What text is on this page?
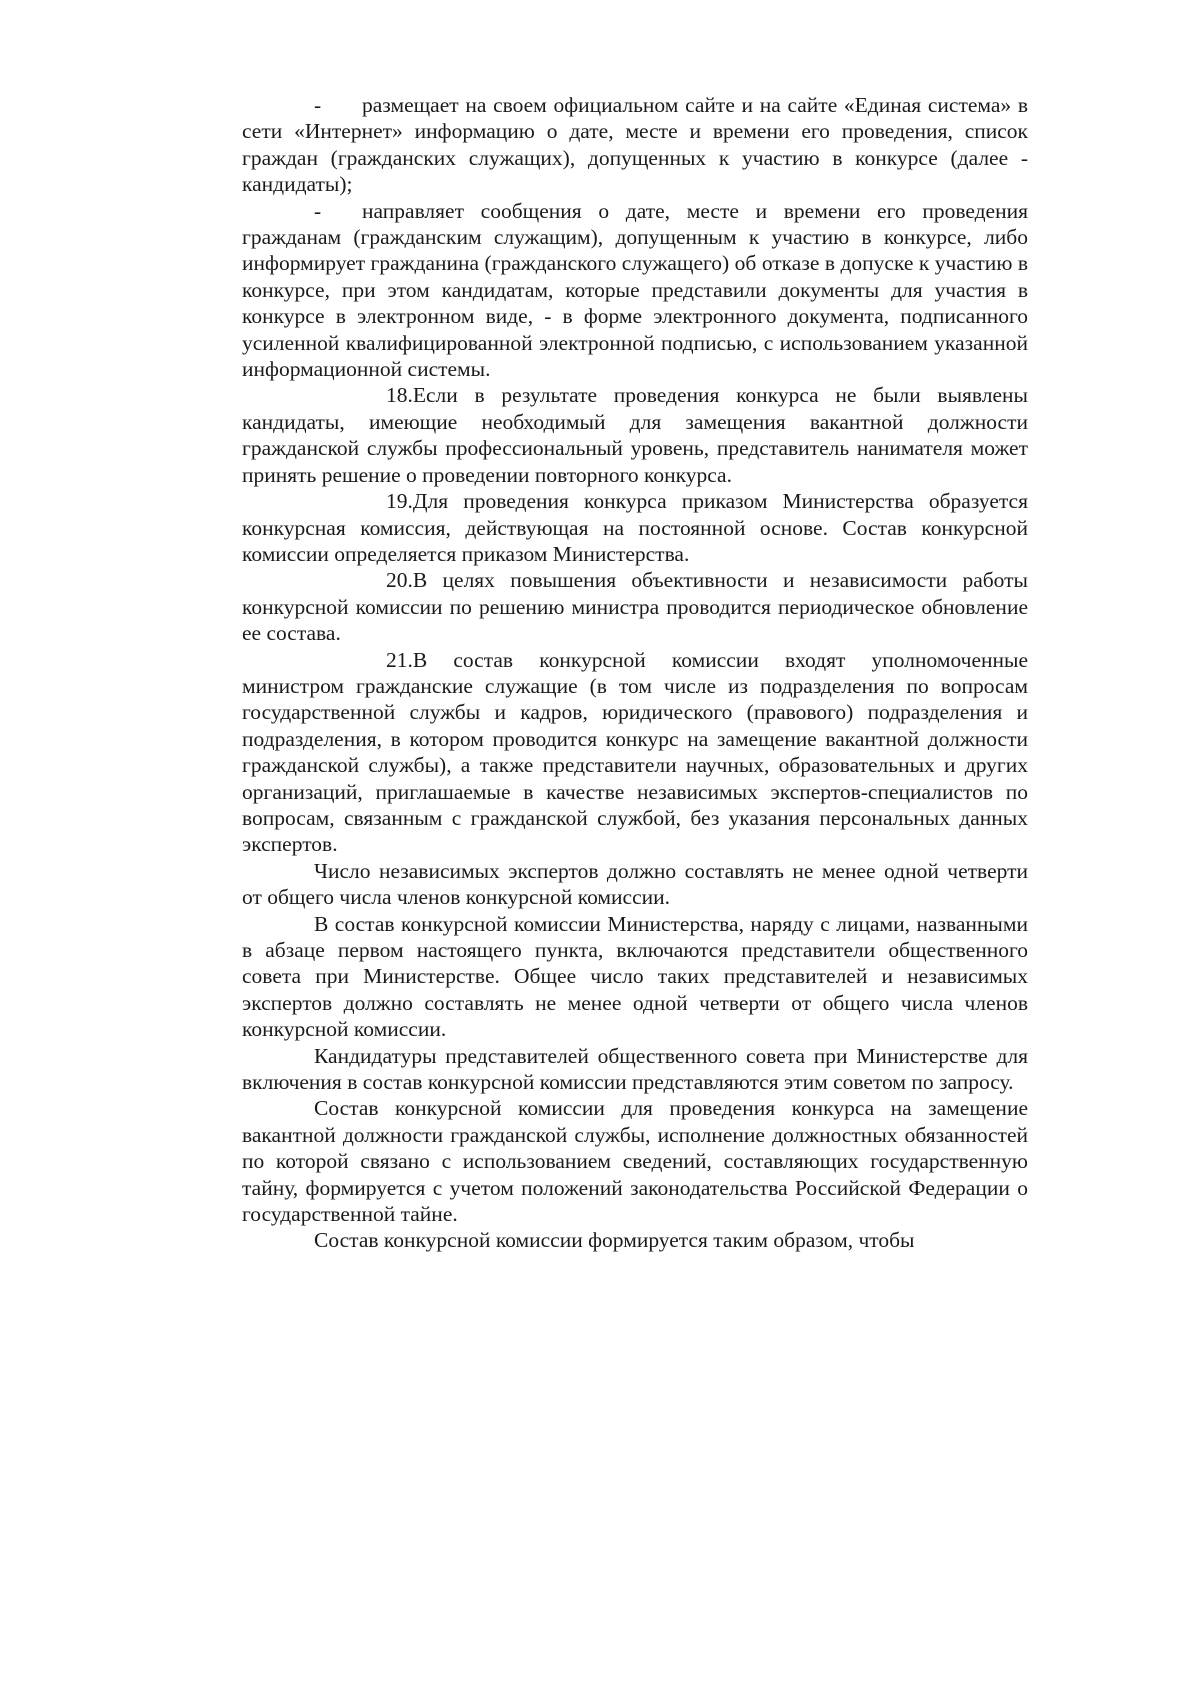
- размещает на своем официальном сайте и на сайте «Единая система» в сети «Интернет» информацию о дате, месте и времени его проведения, список граждан (гражданских служащих), допущенных к участию в конкурсе (далее - кандидаты);

- направляет сообщения о дате, месте и времени его проведения гражданам (гражданским служащим), допущенным к участию в конкурсе, либо информирует гражданина (гражданского служащего) об отказе в допуске к участию в конкурсе, при этом кандидатам, которые представили документы для участия в конкурсе в электронном виде, - в форме электронного документа, подписанного усиленной квалифицированной электронной подписью, с использованием указанной информационной системы.

18.Если в результате проведения конкурса не были выявлены кандидаты, имеющие необходимый для замещения вакантной должности гражданской службы профессиональный уровень, представитель нанимателя может принять решение о проведении повторного конкурса.

19.Для проведения конкурса приказом Министерства образуется конкурсная комиссия, действующая на постоянной основе. Состав конкурсной комиссии определяется приказом Министерства.

20.В целях повышения объективности и независимости работы конкурсной комиссии по решению министра проводится периодическое обновление ее состава.

21.В состав конкурсной комиссии входят уполномоченные министром гражданские служащие (в том числе из подразделения по вопросам государственной службы и кадров, юридического (правового) подразделения и подразделения, в котором проводится конкурс на замещение вакантной должности гражданской службы), а также представители научных, образовательных и других организаций, приглашаемые в качестве независимых экспертов-специалистов по вопросам, связанным с гражданской службой, без указания персональных данных экспертов.

Число независимых экспертов должно составлять не менее одной четверти от общего числа членов конкурсной комиссии.

В состав конкурсной комиссии Министерства, наряду с лицами, названными в абзаце первом настоящего пункта, включаются представители общественного совета при Министерстве. Общее число таких представителей и независимых экспертов должно составлять не менее одной четверти от общего числа членов конкурсной комиссии.

Кандидатуры представителей общественного совета при Министерстве для включения в состав конкурсной комиссии представляются этим советом по запросу.

Состав конкурсной комиссии для проведения конкурса на замещение вакантной должности гражданской службы, исполнение должностных обязанностей по которой связано с использованием сведений, составляющих государственную тайну, формируется с учетом положений законодательства Российской Федерации о государственной тайне.

Состав конкурсной комиссии формируется таким образом, чтобы
